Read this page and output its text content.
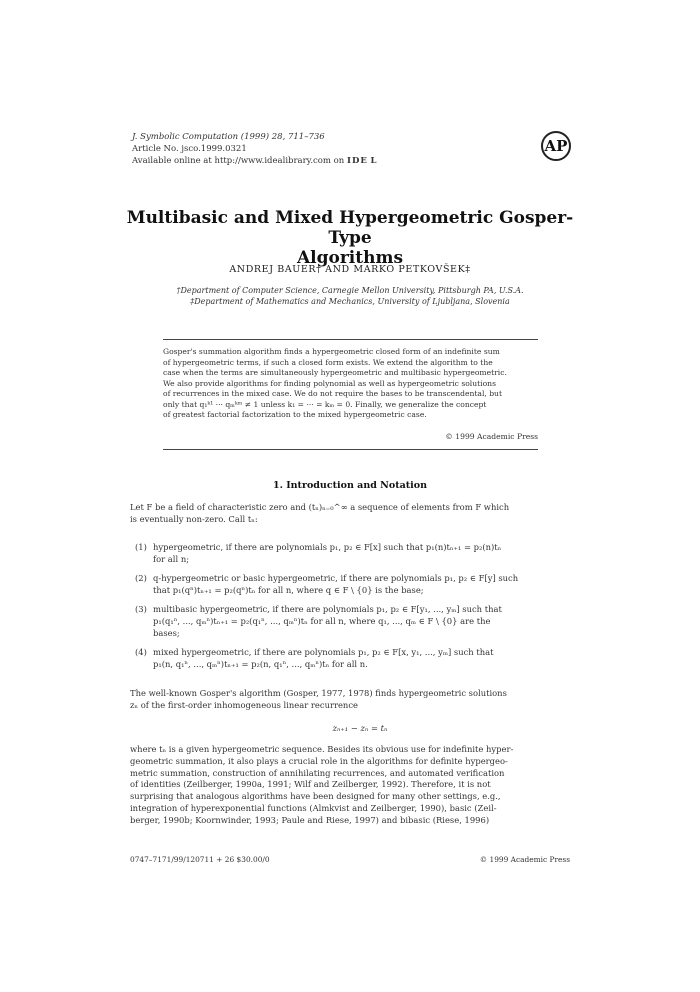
J. Symbolic Computation (1999) 28, 711–736
Article No. jsco.1999.0321
Available online at http://www.idealibrary.com on IDE L
AP
Multibasic and Mixed Hypergeometric Gosper-Type
Algorithms
ANDREJ BAUER† AND MARKO PETKOVŠEK‡
†Department of Computer Science, Carnegie Mellon University, Pittsburgh PA, U.S.A.
‡Department of Mathematics and Mechanics, University of Ljubljana, Slovenia
Gosper's summation algorithm finds a hypergeometric closed form of an indefinite sum
of hypergeometric terms, if such a closed form exists. We extend the algorithm to the
case when the terms are simultaneously hypergeometric and multibasic hypergeometric.
We also provide algorithms for finding polynomial as well as hypergeometric solutions
of recurrences in the mixed case. We do not require the bases to be transcendental, but
only that q₁ᵏ¹ ··· qₘᵏᵐ ≠ 1 unless k₁ = ··· = kₘ = 0. Finally, we generalize the concept
of greatest factorial factorization to the mixed hypergeometric case.
© 1999 Academic Press
1. Introduction and Notation
Let F be a field of characteristic zero and (tₙ)ₙ₌₀^∞ a sequence of elements from F which
is eventually non-zero. Call tₙ:
(1) hypergeometric, if there are polynomials p₁, p₂ ∈ F[x] such that p₁(n)tₙ₊₁ = p₂(n)tₙ
for all n;
(2) q-hypergeometric or basic hypergeometric, if there are polynomials p₁, p₂ ∈ F[y] such
that p₁(qⁿ)tₙ₊₁ = p₂(qⁿ)tₙ for all n, where q ∈ F \ {0} is the base;
(3) multibasic hypergeometric, if there are polynomials p₁, p₂ ∈ F[y₁, ..., yₘ] such that
p₁(q₁ⁿ, ..., qₘⁿ)tₙ₊₁ = p₂(q₁ⁿ, ..., qₘⁿ)tₙ for all n, where q₁, ..., qₘ ∈ F \ {0} are the
bases;
(4) mixed hypergeometric, if there are polynomials p₁, p₂ ∈ F[x, y₁, ..., yₘ] such that
p₁(n, q₁ⁿ, ..., qₘⁿ)tₙ₊₁ = p₂(n, q₁ⁿ, ..., qₘⁿ)tₙ for all n.
The well-known Gosper's algorithm (Gosper, 1977, 1978) finds hypergeometric solutions
zₙ of the first-order inhomogeneous linear recurrence
zₙ₊₁ − zₙ = tₙ
where tₙ is a given hypergeometric sequence. Besides its obvious use for indefinite hyper-
geometric summation, it also plays a crucial role in the algorithms for definite hypergeo-
metric summation, construction of annihilating recurrences, and automated verification
of identities (Zeilberger, 1990a, 1991; Wilf and Zeilberger, 1992). Therefore, it is not
surprising that analogous algorithms have been designed for many other settings, e.g.,
integration of hyperexponential functions (Almkvist and Zeilberger, 1990), basic (Zeil-
berger, 1990b; Koornwinder, 1993; Paule and Riese, 1997) and bibasic (Riese, 1996)
0747–7171/99/120711 + 26 $30.00/0	© 1999 Academic Press
